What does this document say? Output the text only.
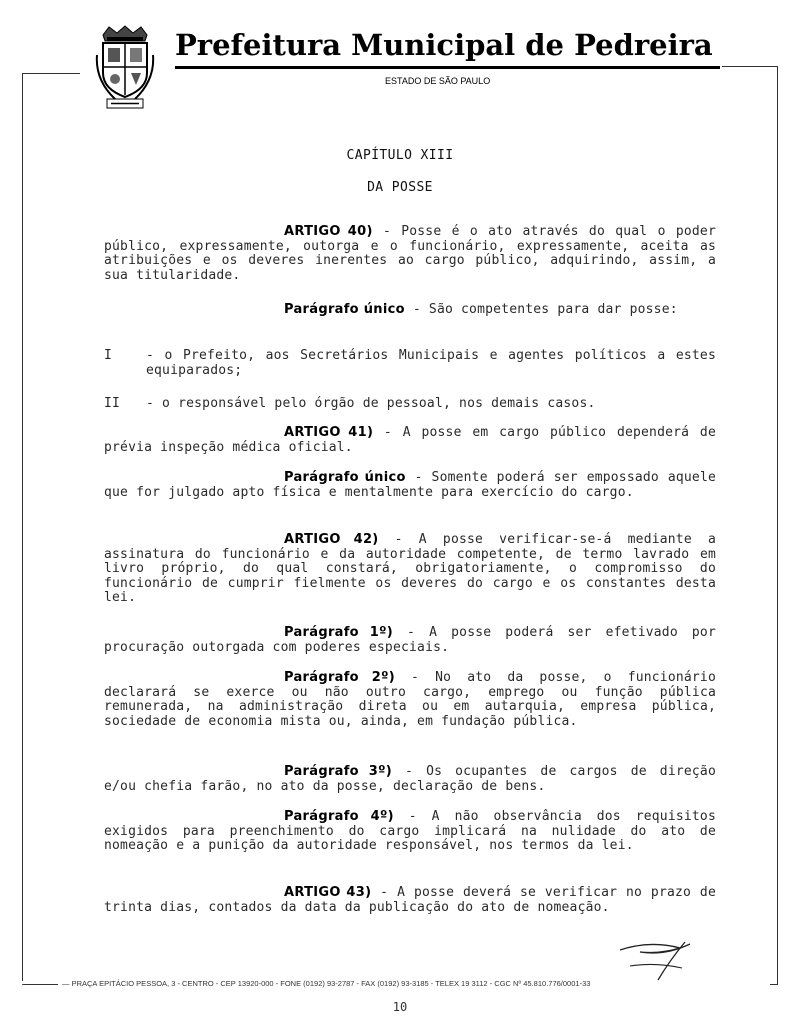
Prefeitura Municipal de Pedreira
ESTADO DE SÃO PAULO
CAPÍTULO XIII
DA POSSE
ARTIGO 40) - Posse é o ato através do qual o poder público, expressamente, outorga e o funcionário, expressamente, aceita as atribuições e os deveres inerentes ao cargo público, adquirindo, assim, a sua titularidade.
Parágrafo único - São competentes para dar posse:
I	- o Prefeito, aos Secretários Municipais e agentes políticos a estes equiparados;
II - o responsável pelo órgão de pessoal, nos demais casos.
ARTIGO 41) - A posse em cargo público dependerá de prévia inspeção médica oficial.
Parágrafo único - Somente poderá ser empossado aquele que for julgado apto física e mentalmente para exercício do cargo.
ARTIGO 42) - A posse verificar-se-á mediante a assinatura do funcionário e da autoridade competente, de termo lavrado em livro próprio, do qual constará, obrigatoriamente, o compromisso do funcionário de cumprir fielmente os deveres do cargo e os constantes desta lei.
Parágrafo 1º) - A posse poderá ser efetivado por procuração outorgada com poderes especiais.
Parágrafo 2º) - No ato da posse, o funcionário declarará se exerce ou não outro cargo, emprego ou função pública remunerada, na administração direta ou em autarquia, empresa pública, sociedade de economia mista ou, ainda, em fundação pública.
Parágrafo 3º) - Os ocupantes de cargos de direção e/ou chefia farão, no ato da posse, declaração de bens.
Parágrafo 4º) - A não observância dos requisitos exigidos para preenchimento do cargo implicará na nulidade do ato de nomeação e a punição da autoridade responsável, nos termos da lei.
ARTIGO 43) - A posse deverá se verificar no prazo de trinta dias, contados da data da publicação do ato de nomeação.
— PRAÇA EPITÁCIO PESSOA, 3 - CENTRO - CEP 13920-000 - FONE (0192) 93-2787 - FAX (0192) 93-3185 - TELEX 19 3112 - CGC Nº 45.810.776/0001-33
10
